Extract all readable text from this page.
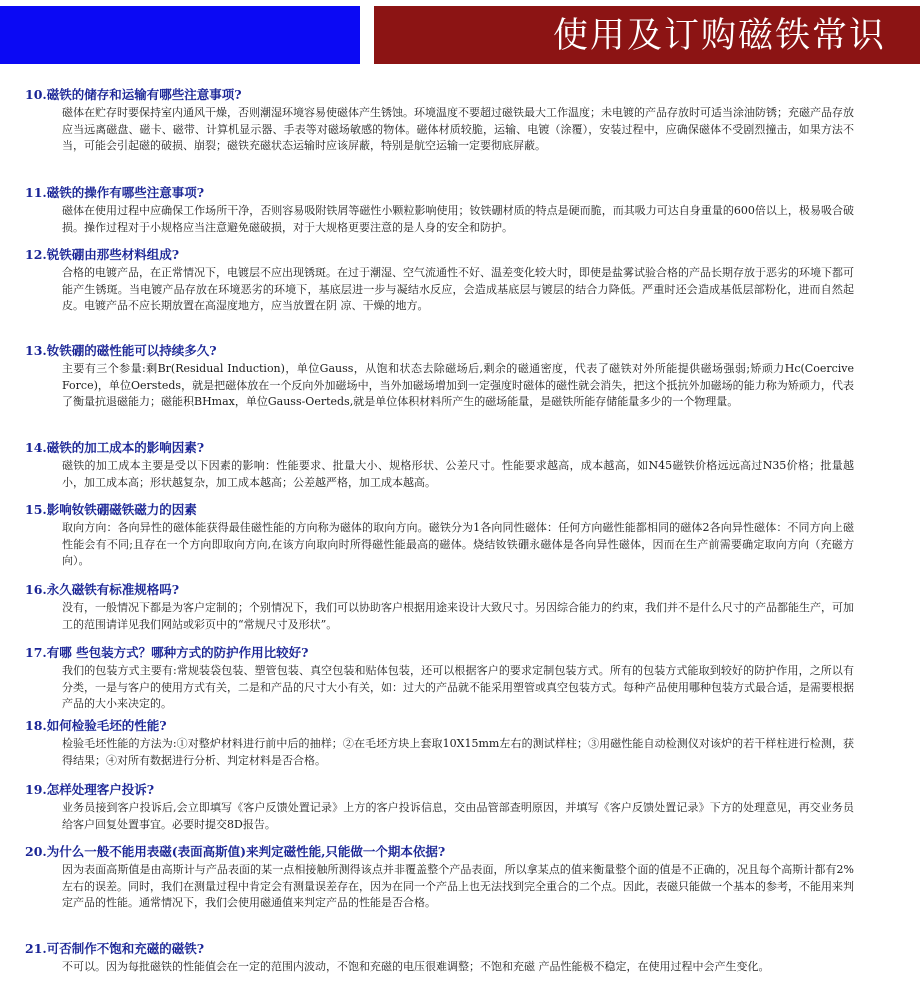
使用及订购磁铁常识
10.磁铁的储存和运输有哪些注意事项?

磁体在贮存时要保持室内通风干燥，否则潮湿环境容易使磁体产生锈蚀。环境温度不要超过磁铁最大工作温度；未电镀的产品存放时可适当涂油防锈；充磁产品存放应当远离磁盘、磁卡、磁带、计算机显示器、手表等对磁场敏感的物体。磁体材质较脆，运输、电镀（涂覆），安装过程中，应确保磁体不受剧烈撞击，如果方法不当，可能会引起磁的破损、崩裂；磁铁充磁状态运输时应该屏蔽，特别是航空运输一定要彻底屏蔽。

11.磁铁的操作有哪些注意事项?

磁体在使用过程中应确保工作场所干净，否则容易吸附铁屑等磁性小颗粒影响使用；钕铁硼材质的特点是硬而脆，而其吸力可达自身重量的600倍以上，极易吸合破损。操作过程对于小规格应当注意避免磁破损，对于大规格更要注意的是人身的安全和防护。

12.锐铁硼由那些材料组成?

合格的电镀产品，在正常情况下，电镀层不应出现锈斑。在过于潮湿、空气流通性不好、温差变化较大时，即使是盐雾试验合格的产品长期存放于恶劣的环境下都可能产生锈斑。当电镀产品存放在环境恶劣的环境下，基底层进一步与凝结水反应，会造成基底层与镀层的结合力降低。严重时还会造成基低层部粉化，进而自然起皮。电镀产品不应长期放置在高湿度地方，应当放置在阴 凉、干燥的地方。

13.钕铁硼的磁性能可以持续多久?

主要有三个参量:剩Br(Residual Induction)，单位Gauss，从饱和状态去除磁场后,剩余的磁通密度，代表了磁铁对外所能提供磁场强弱;矫顽力Hc(Coercive Force)，单位Oersteds，就是把磁体放在一个反向外加磁场中，当外加磁场增加到一定强度时磁体的磁性就会消失，把这个抵抗外加磁场的能力称为矫顽力，代表了衡量抗退磁能力；磁能积BHmax，单位Gauss-Oerteds,就是单位体积材料所产生的磁场能量，是磁铁所能存储能量多少的一个物理量。

14.磁铁的加工成本的影响因素?

磁铁的加工成本主要是受以下因素的影响：性能要求、批量大小、规格形状、公差尺寸。性能要求越高，成本越高，如N45磁铁价格远远高过N35价格；批量越小，加工成本高；形状越复杂，加工成本越高；公差越严格，加工成本越高。

15.影响钕铁硼磁铁磁力的因素

取向方向：各向异性的磁体能获得最佳磁性能的方向称为磁体的取向方向。磁铁分为1各向同性磁体：任何方向磁性能都相同的磁体2各向异性磁体：不同方向上磁性能会有不同;且存在一个方向即取向方向,在该方向取向时所得磁性能最高的磁体。烧结钕铁硼永磁体是各向异性磁体，因而在生产前需要确定取向方向（充磁方向）。

16.永久磁铁有标准规格吗?

没有，一般情况下都是为客户定制的；个别情况下，我们可以协助客户根据用途来设计大致尺寸。另因综合能力的约束，我们并不是什么尺寸的产品都能生产，可加工的范围请详见我们网站或彩页中的“常规尺寸及形状”。

17.有哪 些包装方式？哪种方式的防护作用比较好?

我们的包装方式主要有:常规装袋包装、塑管包装、真空包装和贴体包装，还可以根据客户的要求定制包装方式。所有的包装方式能取到较好的防护作用，之所以有分类，一是与客户的使用方式有关，二是和产品的尺寸大小有关，如：过大的产品就不能采用塑管或真空包装方式。每种产品使用哪种包装方式最合适，是需要根据产品的大小来决定的。

18.如何检验毛坯的性能?

检验毛坯性能的方法为:①对整炉材料进行前中后的抽样；②在毛坯方块上套取10X15mm左右的测试样柱；③用磁性能自动检测仪对该炉的若干样柱进行检测，获得结果；④对所有数据进行分析、判定材料是否合格。

19.怎样处理客户投诉?

业务员接到客户投诉后,会立即填写《客户反馈处置记录》上方的客户投诉信息，交由品管部查明原因，并填写《客户反馈处置记录》下方的处理意见，再交业务员给客户回复处置事宜。必要时提交8D报告。

20.为什么一般不能用表磁(表面高斯值)来判定磁性能,只能做一个期本依据?

因为表面高斯值是由高斯计与产品表面的某一点相接触所测得该点并非覆盖整个产品表面，所以拿某点的值来衡量整个面的值是不正确的，况且每个高斯计都有2%左右的误差。同时，我们在测量过程中肯定会有测量误差存在，因为在同一个产品上也无法找到完全重合的二个点。因此，表磁只能做一个基本的参考，不能用来判定产品的性能。通常情况下，我们会使用磁通值来判定产品的性能是否合格。

21.可否制作不饱和充磁的磁铁?

不可以。因为每批磁铁的性能值会在一定的范围内波动，不饱和充磁的电压很难调整；不饱和充磁 产品性能极不稳定，在使用过程中会产生变化。
